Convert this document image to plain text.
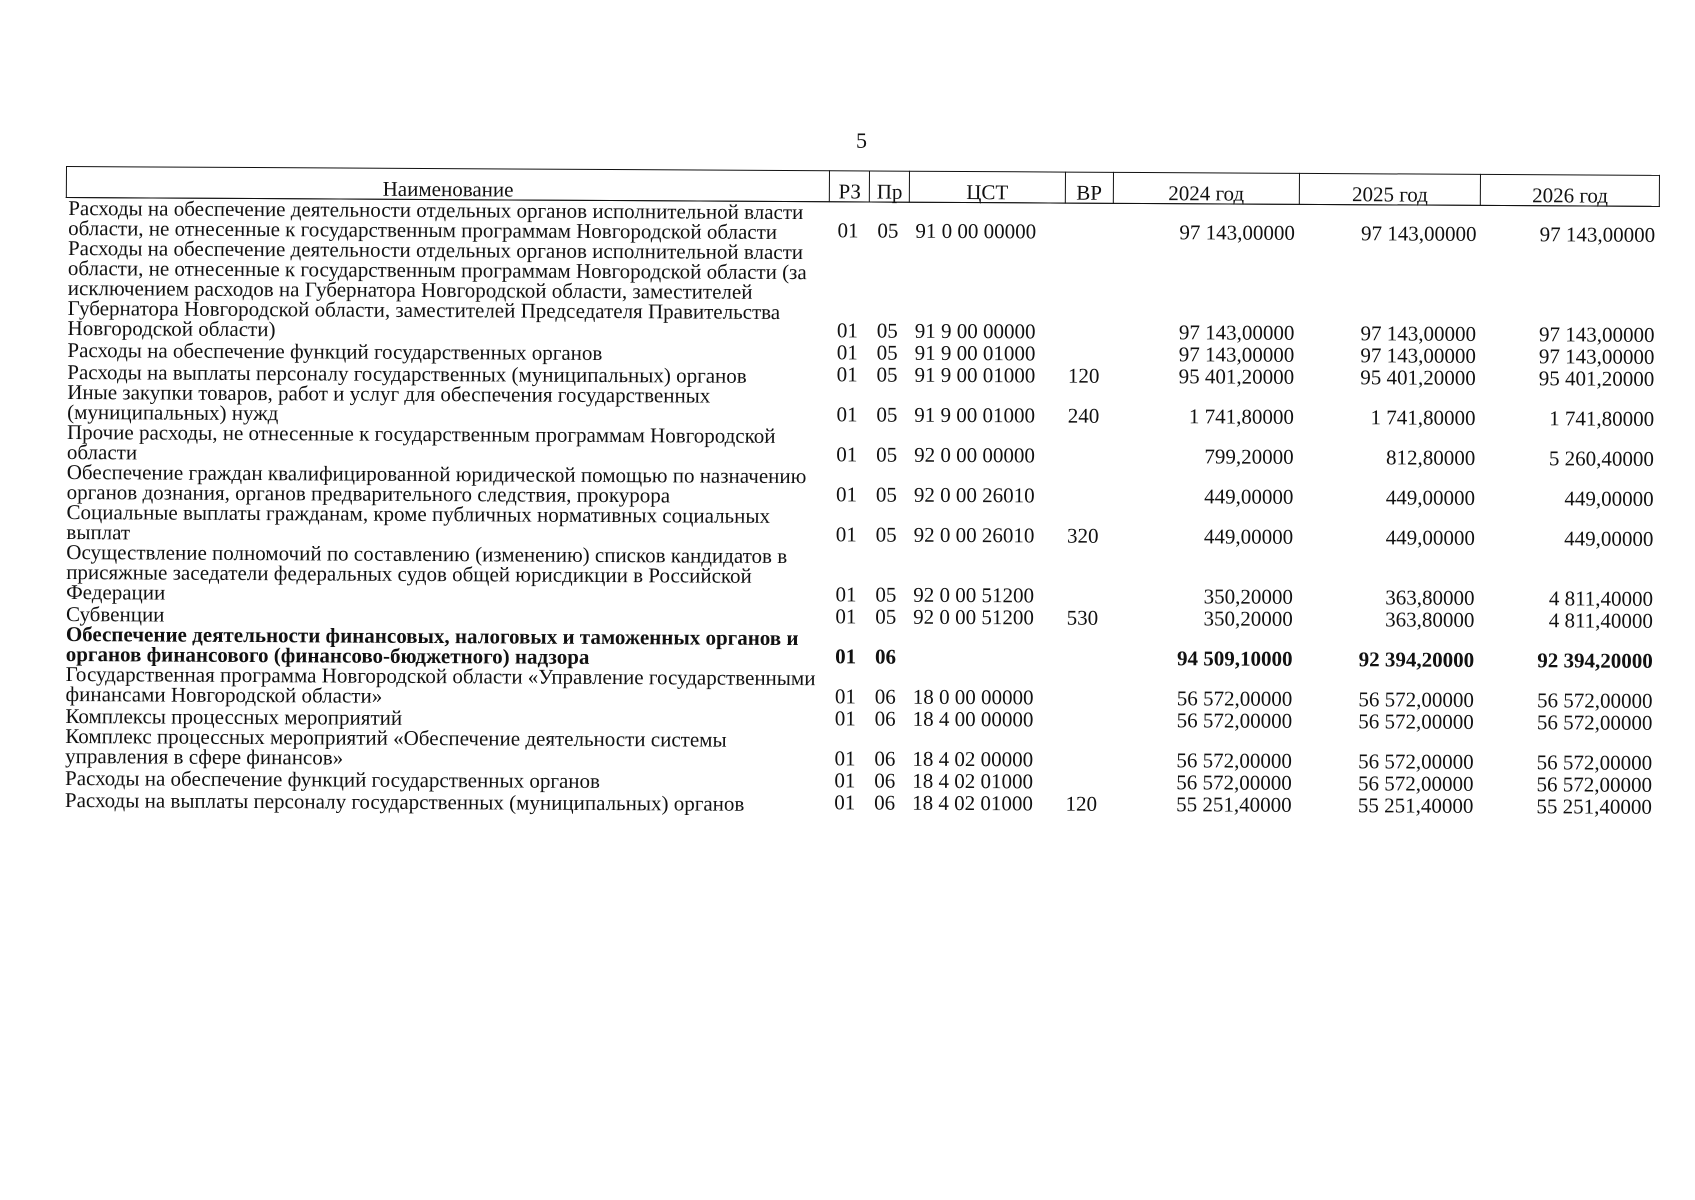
5
Наименование	РЗ	Пр	ЦСТ	ВР	2024 год	2025 год	2026 год
Расходы на обеспечение деятельности отдельных органов исполнительной власти области, не отнесенные к государственным программам Новгородской области	01	05	91 0 00 00000		97 143,00000	97 143,00000	97 143,00000
Расходы на обеспечение деятельности отдельных органов исполнительной власти области, не отнесенные к государственным программам Новгородской области (за исключением расходов на Губернатора Новгородской области, заместителей Губернатора Новгородской области, заместителей Председателя Правительства Новгородской области)	01	05	91 9 00 00000		97 143,00000	97 143,00000	97 143,00000
Расходы на обеспечение функций государственных органов	01	05	91 9 00 01000		97 143,00000	97 143,00000	97 143,00000
Расходы на выплаты персоналу государственных (муниципальных) органов	01	05	91 9 00 01000	120	95 401,20000	95 401,20000	95 401,20000
Иные закупки товаров, работ и услуг для обеспечения государственных (муниципальных) нужд	01	05	91 9 00 01000	240	1 741,80000	1 741,80000	1 741,80000
Прочие расходы, не отнесенные к государственным программам Новгородской области	01	05	92 0 00 00000		799,20000	812,80000	5 260,40000
Обеспечение граждан квалифицированной юридической помощью по назначению органов дознания, органов предварительного следствия, прокурора	01	05	92 0 00 26010		449,00000	449,00000	449,00000
Социальные выплаты гражданам, кроме публичных нормативных социальных выплат	01	05	92 0 00 26010	320	449,00000	449,00000	449,00000
Осуществление полномочий по составлению (изменению) списков кандидатов в присяжные заседатели федеральных судов общей юрисдикции в Российской Федерации	01	05	92 0 00 51200		350,20000	363,80000	4 811,40000
Субвенции	01	05	92 0 00 51200	530	350,20000	363,80000	4 811,40000
Обеспечение деятельности финансовых, налоговых и таможенных органов и органов финансового (финансово-бюджетного) надзора	01	06			94 509,10000	92 394,20000	92 394,20000
Государственная программа Новгородской области «Управление государственными финансами Новгородской области»	01	06	18 0 00 00000		56 572,00000	56 572,00000	56 572,00000
Комплексы процессных мероприятий	01	06	18 4 00 00000		56 572,00000	56 572,00000	56 572,00000
Комплекс процессных мероприятий «Обеспечение деятельности системы управления в сфере финансов»	01	06	18 4 02 00000		56 572,00000	56 572,00000	56 572,00000
Расходы на обеспечение функций государственных органов	01	06	18 4 02 01000		56 572,00000	56 572,00000	56 572,00000
Расходы на выплаты персоналу государственных (муниципальных) органов	01	06	18 4 02 01000	120	55 251,40000	55 251,40000	55 251,40000
